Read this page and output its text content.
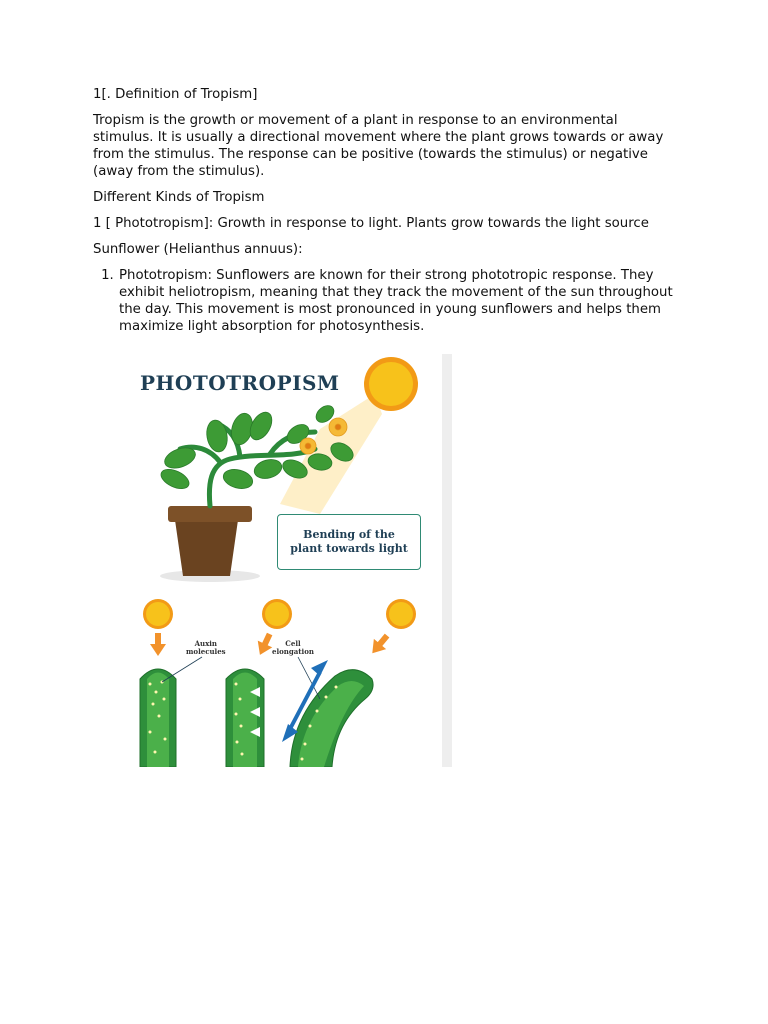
1[. Definition of Tropism]

Tropism is the growth or movement of a plant in response to an environmental stimulus. It is usually a directional movement where the plant grows towards or away from the stimulus. The response can be positive (towards the stimulus) or negative (away from the stimulus).

Different Kinds of Tropism

1 [ Phototropism]: Growth in response to light. Plants grow towards the light source

Sunflower (Helianthus annuus):

1. Phototropism: Sunflowers are known for their strong phototropic response. They exhibit heliotropism, meaning that they track the movement of the sun throughout the day. This movement is most pronounced in young sunflowers and helps them maximize light absorption for photosynthesis.
PHOTOTROPISM
Bending of the
plant towards light
Auxin
molecules
Cell
elongation
